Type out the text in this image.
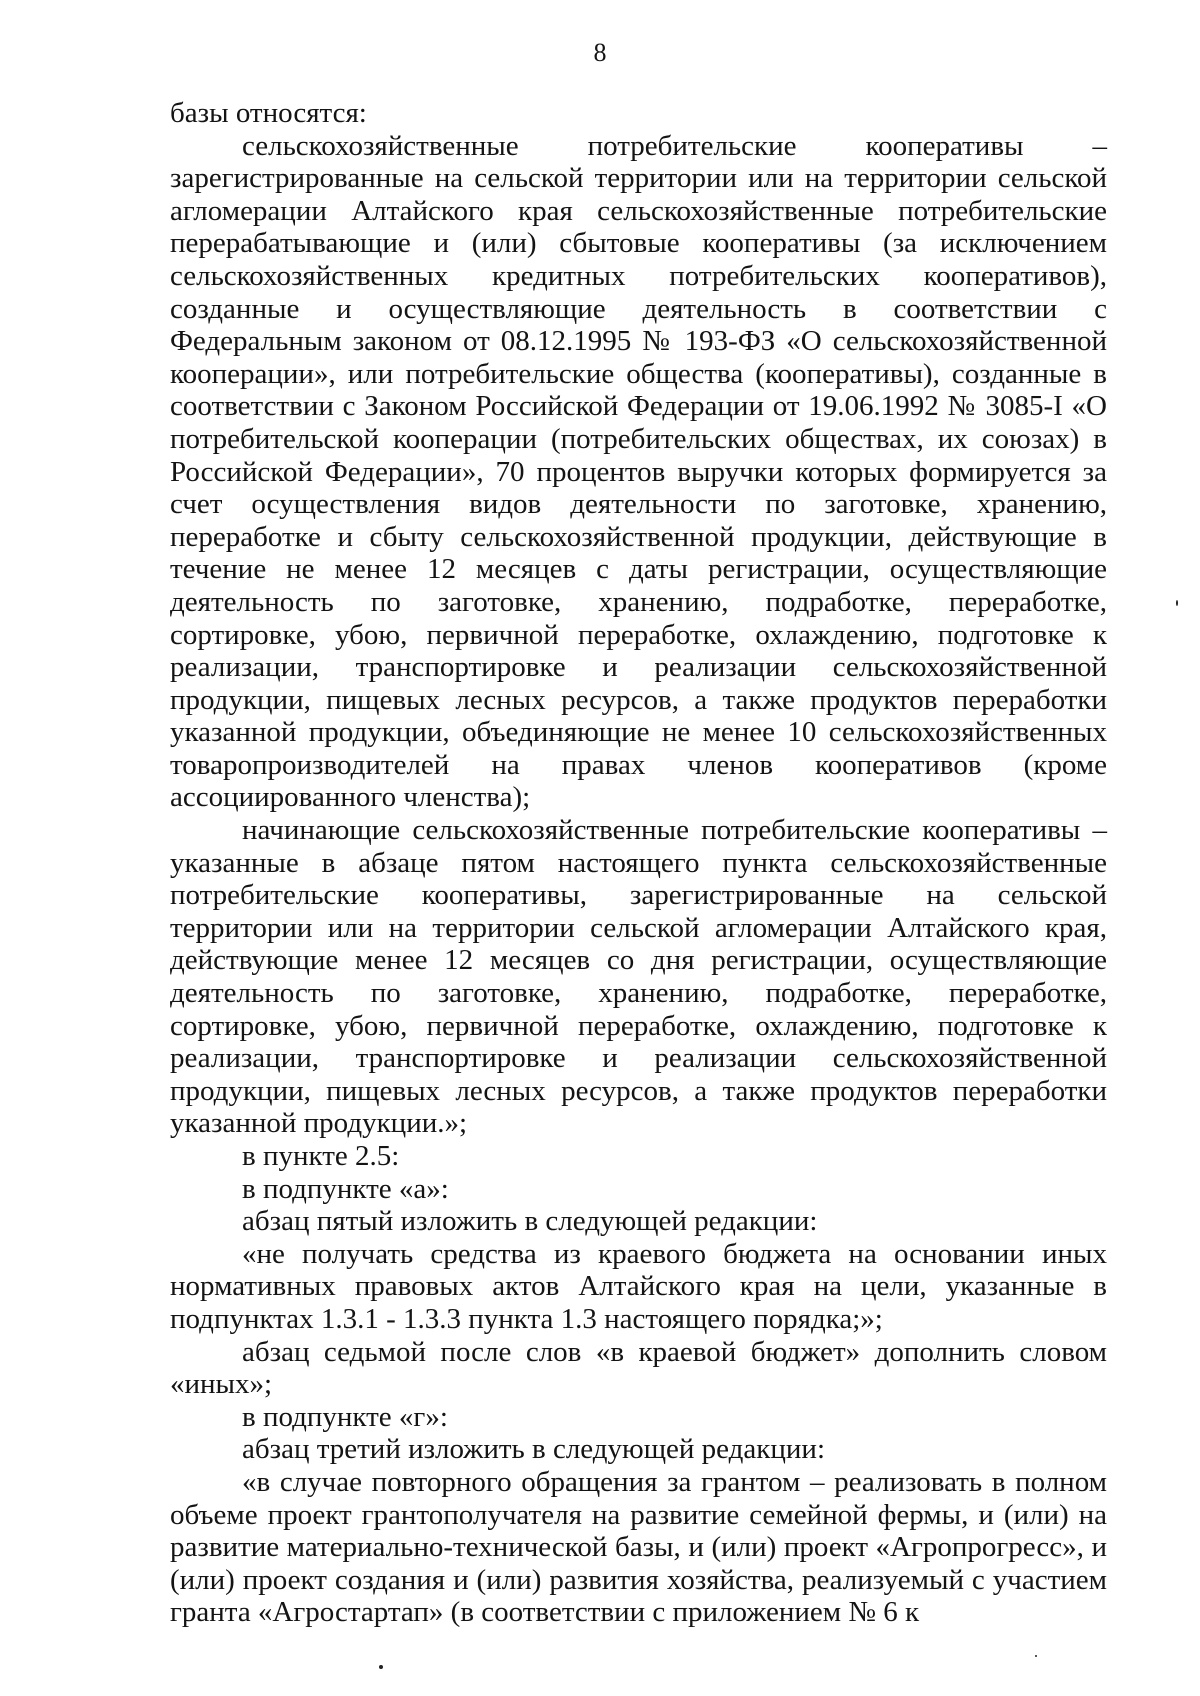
8

базы относятся:

сельскохозяйственные потребительские кооперативы – зарегистрированные на сельской территории или на территории сельской агломерации Алтайского края сельскохозяйственные потребительские перерабатывающие и (или) сбытовые кооперативы (за исключением сельскохозяйственных кредитных потребительских кооперативов), созданные и осуществляющие деятельность в соответствии с Федеральным законом от 08.12.1995 № 193-ФЗ «О сельскохозяйственной кооперации», или потребительские общества (кооперативы), созданные в соответствии с Законом Российской Федерации от 19.06.1992 № 3085-I «О потребительской кооперации (потребительских обществах, их союзах) в Российской Федерации», 70 процентов выручки которых формируется за счет осуществления видов деятельности по заготовке, хранению, переработке и сбыту сельскохозяйственной продукции, действующие в течение не менее 12 месяцев с даты регистрации, осуществляющие деятельность по заготовке, хранению, подработке, переработке, сортировке, убою, первичной переработке, охлаждению, подготовке к реализации, транспортировке и реализации сельскохозяйственной продукции, пищевых лесных ресурсов, а также продуктов переработки указанной продукции, объединяющие не менее 10 сельскохозяйственных товаропроизводителей на правах членов кооперативов (кроме ассоциированного членства);

начинающие сельскохозяйственные потребительские кооперативы – указанные в абзаце пятом настоящего пункта сельскохозяйственные потребительские кооперативы, зарегистрированные на сельской территории или на территории сельской агломерации Алтайского края, действующие менее 12 месяцев со дня регистрации, осуществляющие деятельность по заготовке, хранению, подработке, переработке, сортировке, убою, первичной переработке, охлаждению, подготовке к реализации, транспортировке и реализации сельскохозяйственной продукции, пищевых лесных ресурсов, а также продуктов переработки указанной продукции.»;

в пункте 2.5:

в подпункте «а»:

абзац пятый изложить в следующей редакции:

«не получать средства из краевого бюджета на основании иных нормативных правовых актов Алтайского края на цели, указанные в подпунктах 1.3.1 - 1.3.3 пункта 1.3 настоящего порядка;»;

абзац седьмой после слов «в краевой бюджет» дополнить словом «иных»;

в подпункте «г»:

абзац третий изложить в следующей редакции:

«в случае повторного обращения за грантом – реализовать в полном объеме проект грантополучателя на развитие семейной фермы, и (или) на развитие материально-технической базы, и (или) проект «Агропрогресс», и (или) проект создания и (или) развития хозяйства, реализуемый с участием гранта «Агростартап» (в соответствии с приложением № 6 к
